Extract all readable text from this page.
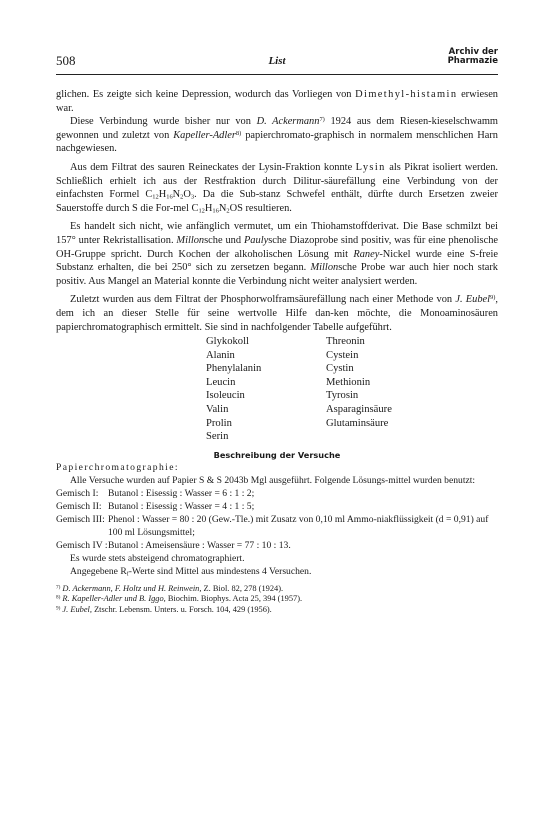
508	List
Archiv der
Pharmazie

glichen. Es zeigte sich keine Depression, wodurch das Vorliegen von Dimethyl-histamin erwiesen war.

Diese Verbindung wurde bisher nur von D. Ackermann$^{7)}$ 1924 aus dem Riesen-kieselschwamm gewonnen und zuletzt von Kapeller-Adler$^{8)}$ papierchromato-graphisch in normalem menschlichen Harn nachgewiesen.

Aus dem Filtrat des sauren Reineckates der Lysin-Fraktion konnte Lysin als Pikrat isoliert werden. Schließlich erhielt ich aus der Restfraktion durch Dilitur-säurefällung eine Verbindung von der einfachsten Formel $C_{12}H_{16}N_2O_3$. Da die Sub-stanz Schwefel enthält, dürfte durch Ersetzen zweier Sauerstoffe durch S die For-mel $C_{12}H_{16}N_2OS$ resultieren.

Es handelt sich nicht, wie anfänglich vermutet, um ein Thiohamstoffderivat. Die Base schmilzt bei 157° unter Rekristallisation. Millonsche und Paulysche Diazoprobe sind positiv, was für eine phenolische OH-Gruppe spricht. Durch Kochen der alkoholischen Lösung mit Raney-Nickel wurde eine S-freie Substanz erhalten, die bei 250° sich zu zersetzen begann. Millonsche Probe war auch hier noch stark positiv. Aus Mangel an Material konnte die Verbindung nicht weiter analysiert werden.

Zuletzt wurden aus dem Filtrat der Phosphorwolframsäurefällung nach einer Methode von J. Eubel$^{9)}$, dem ich an dieser Stelle für seine wertvolle Hilfe dan-ken möchte, die Monoaminosäuren papierchromatographisch ermittelt. Sie sind in nachfolgender Tabelle aufgeführt.

Glykokoll	Threonin
Alanin	Cystein
Phenylalanin	Cystin
Leucin	Methionin
Isoleucin	Tyrosin
Valin	Asparaginsäure
Prolin	Glutaminsäure
Serin
Beschreibung der Versuche
Papierchromatographie:

Alle Versuche wurden auf Papier S & S 2043b Mgl ausgeführt. Folgende Lösungs-mittel wurden benutzt:

Gemisch I:	Butanol : Eisessig : Wasser = 6 : 1 : 2;
Gemisch II: Butanol : Eisessig : Wasser = 4 : 1 : 5;
Gemisch III: Phenol : Wasser = 80 : 20 (Gew.-Tle.) mit Zusatz von 0,10 ml Ammo-niakflüssigkeit (d = 0,91) auf 100 ml Lösungsmittel;
Gemisch IV : Butanol : Ameisensäure : Wasser = 77 : 10 : 13.

Es wurde stets absteigend chromatographiert.

Angegebene $R_f$-Werte sind Mittel aus mindestens 4 Versuchen.

$^{7)}$ D. Ackermann, F. Holtz und H. Reinwein, Z. Biol. 82, 278 (1924).
$^{8)}$ R. Kapeller-Adler und B. Iggo, Biochim. Biophys. Acta 25, 394 (1957).
$^{9)}$ J. Eubel, Ztschr. Lebensm. Unters. u. Forsch. 104, 429 (1956).
